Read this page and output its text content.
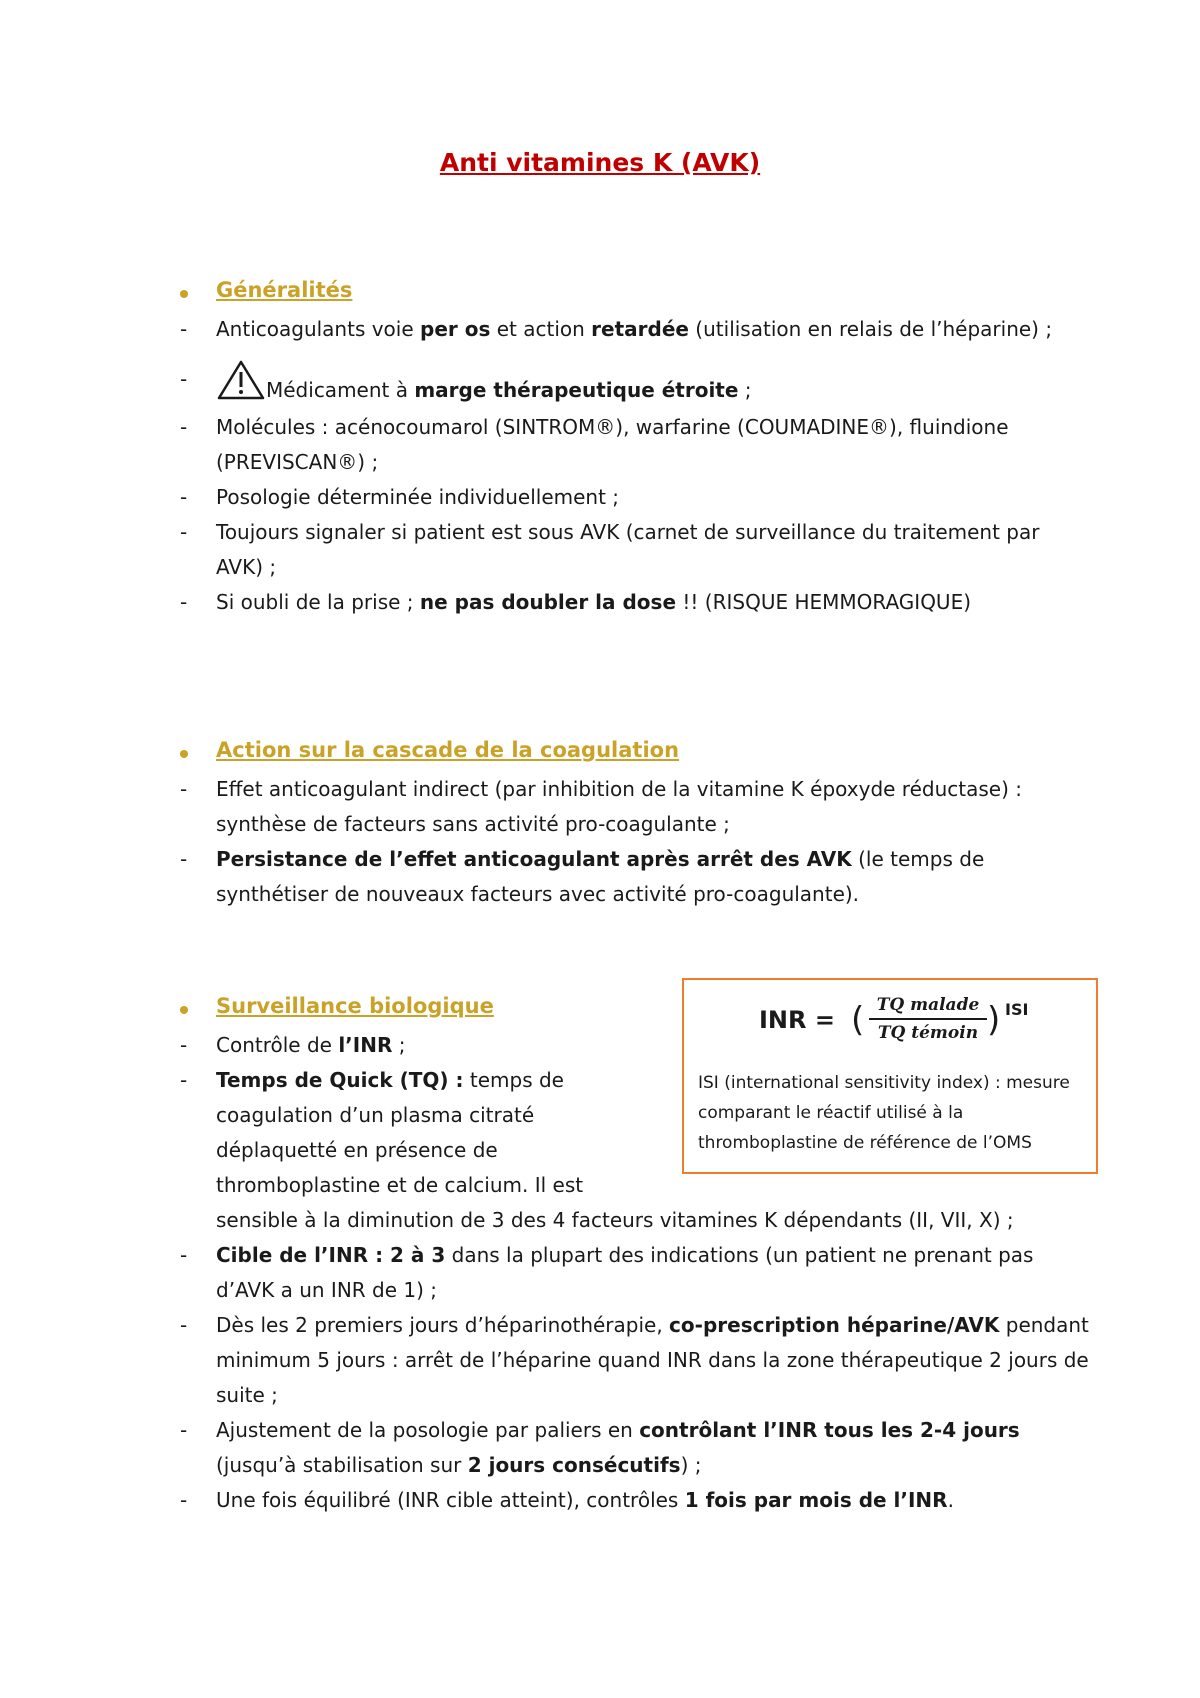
Anti vitamines K (AVK)
Généralités
- Anticoagulants voie per os et action retardée (utilisation en relais de l’héparine) ;
-	Médicament à marge thérapeutique étroite ;
- Molécules : acénocoumarol (SINTROM®), warfarine (COUMADINE®), fluindione (PREVISCAN®) ;
- Posologie déterminée individuellement ;
- Toujours signaler si patient est sous AVK (carnet de surveillance du traitement par AVK) ;
- Si oubli de la prise ; ne pas doubler la dose !! (RISQUE HEMMORAGIQUE)
Action sur la cascade de la coagulation
- Effet anticoagulant indirect (par inhibition de la vitamine K époxyde réductase) : synthèse de facteurs sans activité pro-coagulante ;
- Persistance de l’effet anticoagulant après arrêt des AVK (le temps de synthétiser de nouveaux facteurs avec activité pro-coagulante).
Surveillance biologique
- Contrôle de l’INR ;
- Temps de Quick (TQ) : temps de coagulation d’un plasma citraté déplaquetté en présence de thromboplastine et de calcium. Il est
sensible à la diminution de 3 des 4 facteurs vitamines K dépendants (II, VII, X) ;
- Cible de l’INR : 2 à 3 dans la plupart des indications (un patient ne prenant pas d’AVK a un INR de 1) ;
- Dès les 2 premiers jours d’héparinothérapie, co-prescription héparine/AVK pendant minimum 5 jours : arrêt de l’héparine quand INR dans la zone thérapeutique 2 jours de suite ;
- Ajustement de la posologie par paliers en contrôlant l’INR tous les 2-4 jours (jusqu’à stabilisation sur 2 jours consécutifs) ;
- Une fois équilibré (INR cible atteint), contrôles 1 fois par mois de l’INR.
INR = ( TQ malade
TQ témoin ) ISI
ISI (international sensitivity index) : mesure comparant le réactif utilisé à la thromboplastine de référence de l’OMS
